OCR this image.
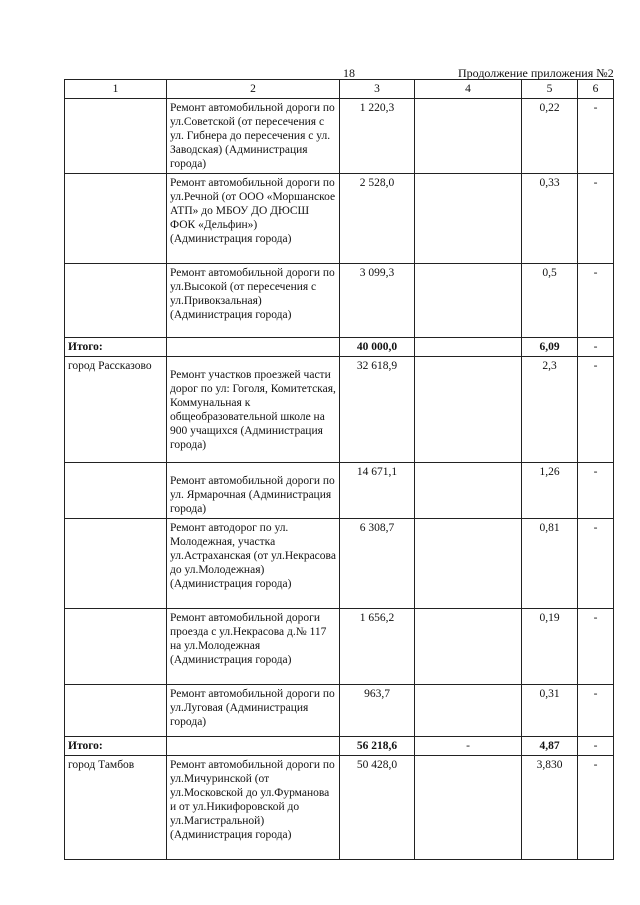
18	Продолжение приложения №2
1	2	3	4	5	6
	Ремонт автомобильной дороги по ул.Советской (от пересечения с ул. Гибнера до пересечения с ул. Заводская) (Администрация города)	1 220,3		0,22	-
	Ремонт автомобильной дороги по ул.Речной (от ООО «Моршанское АТП» до МБОУ ДО ДЮСШ ФОК «Дельфин») (Администрация города)	2 528,0		0,33	-
	Ремонт автомобильной дороги по ул.Высокой (от пересечения с ул.Привокзальная) (Администрация города)	3 099,3		0,5	-
Итого:		40 000,0		6,09	-
город Рассказово	Ремонт участков проезжей части дорог по ул: Гоголя, Комитетская, Коммунальная к общеобразовательной школе на 900 учащихся (Администрация города)	32 618,9		2,3	-
	Ремонт автомобильной дороги по ул. Ярмарочная (Администрация города)	14 671,1		1,26	-
	Ремонт автодорог по ул. Молодежная, участка ул.Астраханская (от ул.Некрасова до ул.Молодежная) (Администрация города)	6 308,7		0,81	-
	Ремонт автомобильной дороги проезда с ул.Некрасова д.№ 117 на ул.Молодежная (Администрация города)	1 656,2		0,19	-
	Ремонт автомобильной дороги по ул.Луговая (Администрация города)	963,7		0,31	-
Итого:		56 218,6	-	4,87	-
город Тамбов	Ремонт автомобильной дороги по ул.Мичуринской (от ул.Московской до ул.Фурманова и от ул.Никифоровской до ул.Магистральной) (Администрация города)	50 428,0		3,830	-
